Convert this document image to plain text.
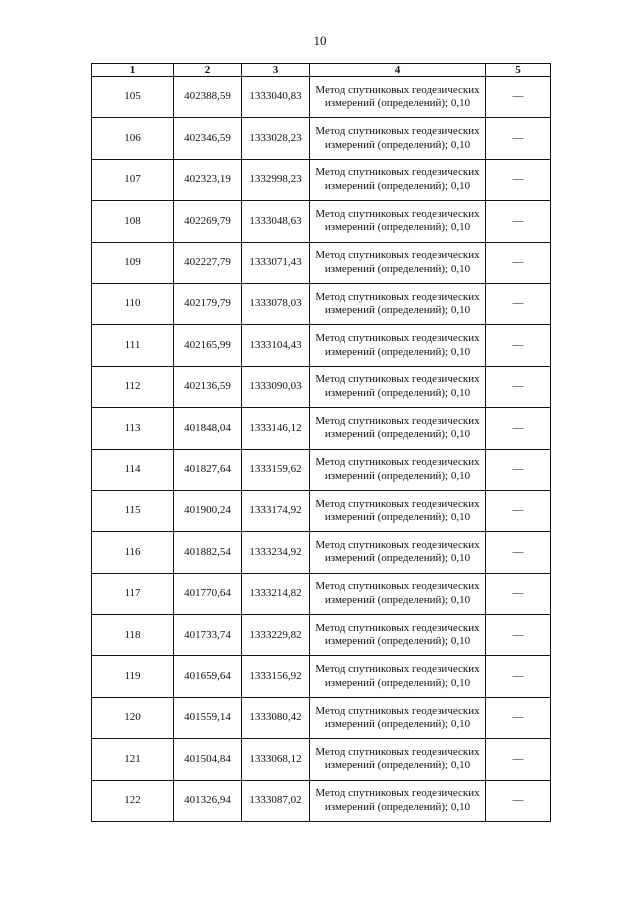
10
1	2	3	4	5
105	402388,59	1333040,83	Метод спутниковых геодезических измерений (определений); 0,10	—
106	402346,59	1333028,23	Метод спутниковых геодезических измерений (определений); 0,10	—
107	402323,19	1332998,23	Метод спутниковых геодезических измерений (определений); 0,10	—
108	402269,79	1333048,63	Метод спутниковых геодезических измерений (определений); 0,10	—
109	402227,79	1333071,43	Метод спутниковых геодезических измерений (определений); 0,10	—
110	402179,79	1333078,03	Метод спутниковых геодезических измерений (определений); 0,10	—
111	402165,99	1333104,43	Метод спутниковых геодезических измерений (определений); 0,10	—
112	402136,59	1333090,03	Метод спутниковых геодезических измерений (определений); 0,10	—
113	401848,04	1333146,12	Метод спутниковых геодезических измерений (определений); 0,10	—
114	401827,64	1333159,62	Метод спутниковых геодезических измерений (определений); 0,10	—
115	401900,24	1333174,92	Метод спутниковых геодезических измерений (определений); 0,10	—
116	401882,54	1333234,92	Метод спутниковых геодезических измерений (определений); 0,10	—
117	401770,64	1333214,82	Метод спутниковых геодезических измерений (определений); 0,10	—
118	401733,74	1333229,82	Метод спутниковых геодезических измерений (определений); 0,10	—
119	401659,64	1333156,92	Метод спутниковых геодезических измерений (определений); 0,10	—
120	401559,14	1333080,42	Метод спутниковых геодезических измерений (определений); 0,10	—
121	401504,84	1333068,12	Метод спутниковых геодезических измерений (определений); 0,10	—
122	401326,94	1333087,02	Метод спутниковых геодезических измерений (определений); 0,10	—
